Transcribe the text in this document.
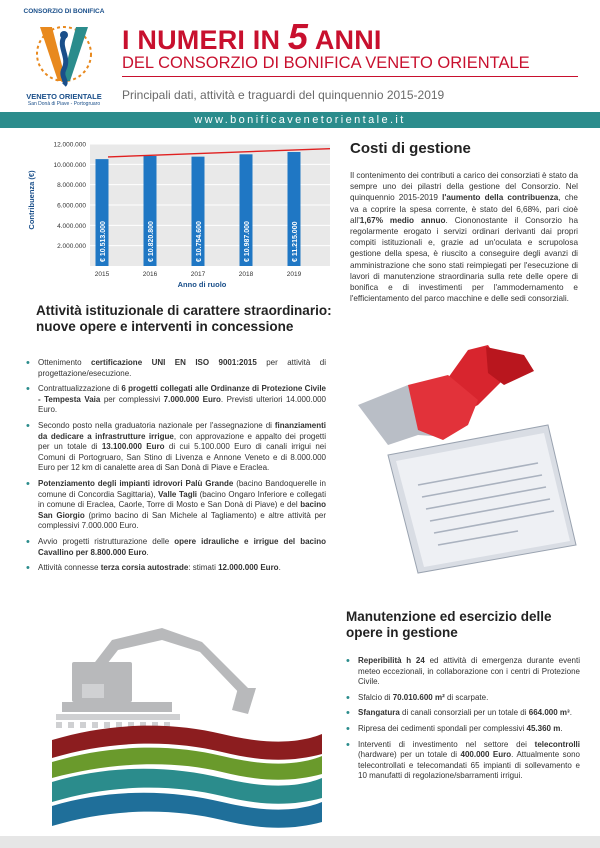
CONSORZIO DI BONIFICA
VENETO ORIENTALE
San Donà di Piave - Portogruaro
I NUMERI IN 5 ANNI
DEL CONSORZIO DI BONIFICA VENETO ORIENTALE
Principali dati, attività e traguardi del quinquennio 2015-2019
www.bonificavenetorientale.it
€ 10.513.000	€ 10.820.800	€ 10.754.600	€ 10.987.000	€ 11.215.000
2.000.000
4.000.000
6.000.000
8.000.000
10.000.000
12.000.000
2015	2016	2017	2018	2019
Contribuenza (€)
Anno di ruolo
Costi di gestione
Il contenimento dei contributi a carico dei consorziati è stato da sempre uno dei pilastri della gestione del Consorzio. Nel quinquennio 2015-2019 l'aumento della contribuenza, che va a coprire la spesa corrente, è stato del 6,68%, pari cioè all'1,67% medio annuo. Ciononostante il Consorzio ha regolarmente erogato i servizi ordinari derivanti dai propri compiti istituzionali e, grazie ad un'oculata e scrupolosa gestione della spesa, è riuscito a conseguire degli avanzi di amministrazione che sono stati reimpiegati per l'esecuzione di lavori di manutenzione straordinaria sulla rete delle opere di bonifica e di investimenti per l'ammodernamento e l'efficientamento del parco macchine e delle sedi consorziali.
Attività istituzionale di carattere straordinario: nuove opere e interventi in concessione
• Ottenimento certificazione UNI EN ISO 9001:2015 per attività di progettazione/esecuzione.
• Contrattualizzazione di 6 progetti collegati alle Ordinanze di Protezione Civile - Tempesta Vaia per complessivi 7.000.000 Euro. Previsti ulteriori 14.000.000 Euro.
• Secondo posto nella graduatoria nazionale per l'assegnazione di finanziamenti da dedicare a infrastrutture irrigue, con approvazione e appalto dei progetti per un totale di 13.100.000 Euro di cui 5.100.000 Euro di canali irrigui nei Comuni di Portogruaro, San Stino di Livenza e Annone Veneto e di 8.000.000 Euro per 12 km di canalette area di San Donà di Piave e Eraclea.
• Potenziamento degli impianti idrovori Palù Grande (bacino Bandoquerelle in comune di Concordia Sagittaria), Valle Tagli (bacino Ongaro Inferiore e collegati in comune di Eraclea, Caorle, Torre di Mosto e San Donà di Piave) e del bacino San Giorgio (primo bacino di San Michele al Tagliamento) e altre attività per complessivi 7.000.000 Euro.
• Avvio progetti ristrutturazione delle opere idrauliche e irrigue del bacino Cavallino per 8.800.000 Euro.
• Attività connesse terza corsia autostrade: stimati 12.000.000 Euro.
Manutenzione ed esercizio delle opere in gestione
• Reperibilità h 24 ed attività di emergenza durante eventi meteo eccezionali, in collaborazione con i centri di Protezione Civile.
• Sfalcio di 70.010.600 m² di scarpate.
• Sfangatura di canali consorziali per un totale di 664.000 m³.
• Ripresa dei cedimenti spondali per complessivi 45.360 m.
• Interventi di investimento nel settore dei telecontrolli (hardware) per un totale di 400.000 Euro. Attualmente sono telecontrollati e telecomandati 65 impianti di sollevamento e 10 manufatti di regolazione/sbarramenti irrigui.
